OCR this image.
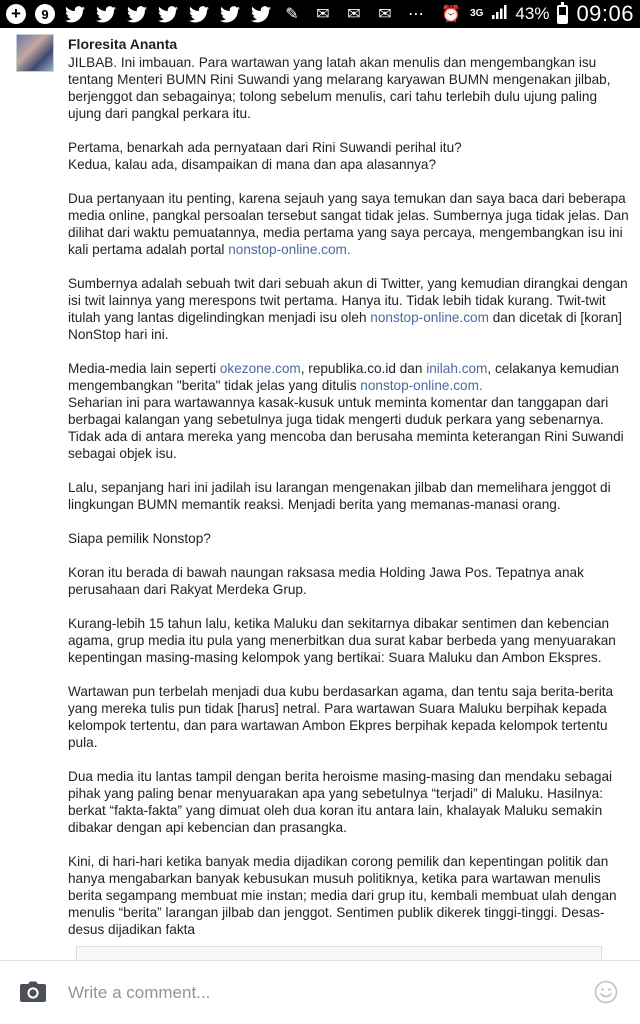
+	9	✎ ✉ ✉ ✉ ⋯ ⏰ 3G 43% 09:06
Floresita Ananta

JILBAB. Ini imbauan. Para wartawan yang latah akan menulis dan mengembangkan isu tentang Menteri BUMN Rini Suwandi yang melarang karyawan BUMN mengenakan jilbab, berjenggot dan sebagainya; tolong sebelum menulis, cari tahu terlebih dulu ujung paling ujung dari pangkal perkara itu.

Pertama, benarkah ada pernyataan dari Rini Suwandi perihal itu?
Kedua, kalau ada, disampaikan di mana dan apa alasannya?

Dua pertanyaan itu penting, karena sejauh yang saya temukan dan saya baca dari beberapa media online, pangkal persoalan tersebut sangat tidak jelas. Sumbernya juga tidak jelas. Dan dilihat dari waktu pemuatannya, media pertama yang saya percaya, mengembangkan isu ini kali pertama adalah portal nonstop-online.com.

Sumbernya adalah sebuah twit dari sebuah akun di Twitter, yang kemudian dirangkai dengan isi twit lainnya yang merespons twit pertama. Hanya itu. Tidak lebih tidak kurang. Twit-twit itulah yang lantas digelindingkan menjadi isu oleh nonstop-online.com dan dicetak di [koran] NonStop hari ini.

Media-media lain seperti okezone.com, republika.co.id dan inilah.com, celakanya kemudian mengembangkan "berita" tidak jelas yang ditulis nonstop-online.com.
Seharian ini para wartawannya kasak-kusuk untuk meminta komentar dan tanggapan dari berbagai kalangan yang sebetulnya juga tidak mengerti duduk perkara yang sebenarnya. Tidak ada di antara mereka yang mencoba dan berusaha meminta keterangan Rini Suwandi sebagai objek isu.

Lalu, sepanjang hari ini jadilah isu larangan mengenakan jilbab dan memelihara jenggot di lingkungan BUMN memantik reaksi. Menjadi berita yang memanas-manasi orang.

Siapa pemilik Nonstop?

Koran itu berada di bawah naungan raksasa media Holding Jawa Pos. Tepatnya anak perusahaan dari Rakyat Merdeka Grup.

Kurang-lebih 15 tahun lalu, ketika Maluku dan sekitarnya dibakar sentimen dan kebencian agama, grup media itu pula yang menerbitkan dua surat kabar berbeda yang menyuarakan kepentingan masing-masing kelompok yang bertikai: Suara Maluku dan Ambon Ekspres.

Wartawan pun terbelah menjadi dua kubu berdasarkan agama, dan tentu saja berita-berita yang mereka tulis pun tidak [harus] netral. Para wartawan Suara Maluku berpihak kepada kelompok tertentu, dan para wartawan Ambon Ekpres berpihak kepada kelompok tertentu pula.

Dua media itu lantas tampil dengan berita heroisme masing-masing dan mendaku sebagai pihak yang paling benar menyuarakan apa yang sebetulnya “terjadi” di Maluku. Hasilnya: berkat “fakta-fakta” yang dimuat oleh dua koran itu antara lain, khalayak Maluku semakin dibakar dengan api kebencian dan prasangka.

Kini, di hari-hari ketika banyak media dijadikan corong pemilik dan kepentingan politik dan hanya mengabarkan banyak kebusukan musuh politiknya, ketika para wartawan menulis berita segampang membuat mie instan; media dari grup itu, kembali membuat ulah dengan menulis “berita” larangan jilbab dan jenggot. Sentimen publik dikerek tinggi-tinggi. Desas-desus dijadikan fakta

Write a comment...
